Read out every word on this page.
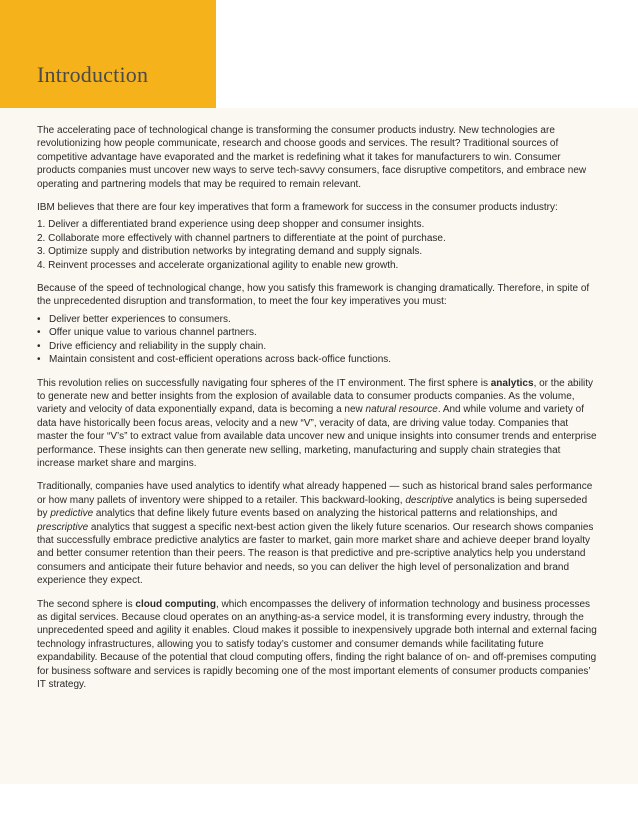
Introduction

The accelerating pace of technological change is transforming the consumer products industry. New technologies are revolutionizing how people communicate, research and choose goods and services. The result? Traditional sources of competitive advantage have evaporated and the market is redefining what it takes for manufacturers to win. Consumer products companies must uncover new ways to serve tech-savvy consumers, face disruptive competitors, and embrace new operating and partnering models that may be required to remain relevant.

IBM believes that there are four key imperatives that form a framework for success in the consumer products industry:

1. Deliver a differentiated brand experience using deep shopper and consumer insights.
2. Collaborate more effectively with channel partners to differentiate at the point of purchase.
3. Optimize supply and distribution networks by integrating demand and supply signals.
4. Reinvent processes and accelerate organizational agility to enable new growth.

Because of the speed of technological change, how you satisfy this framework is changing dramatically. Therefore, in spite of the unprecedented disruption and transformation, to meet the four key imperatives you must:

• Deliver better experiences to consumers.
• Offer unique value to various channel partners.
• Drive efficiency and reliability in the supply chain.
• Maintain consistent and cost-efficient operations across back-office functions.

This revolution relies on successfully navigating four spheres of the IT environment. The first sphere is analytics, or the ability to generate new and better insights from the explosion of available data to consumer products companies. As the volume, variety and velocity of data exponentially expand, data is becoming a new natural resource. And while volume and variety of data have historically been focus areas, velocity and a new “V”, veracity of data, are driving value today. Companies that master the four “V’s” to extract value from available data uncover new and unique insights into consumer trends and enterprise performance. These insights can then generate new selling, marketing, manufacturing and supply chain strategies that increase market share and margins.

Traditionally, companies have used analytics to identify what already happened — such as historical brand sales performance or how many pallets of inventory were shipped to a retailer. This backward-looking, descriptive analytics is being superseded by predictive analytics that define likely future events based on analyzing the historical patterns and relationships, and prescriptive analytics that suggest a specific next-best action given the likely future scenarios. Our research shows companies that successfully embrace predictive analytics are faster to market, gain more market share and achieve deeper brand loyalty and better consumer retention than their peers. The reason is that predictive and pre-scriptive analytics help you understand consumers and anticipate their future behavior and needs, so you can deliver the high level of personalization and brand experience they expect.

The second sphere is cloud computing, which encompasses the delivery of information technology and business processes as digital services. Because cloud operates on an anything-as-a service model, it is transforming every industry, through the unprecedented speed and agility it enables. Cloud makes it possible to inexpensively upgrade both internal and external facing technology infrastructures, allowing you to satisfy today’s customer and consumer demands while facilitating future expandability. Because of the potential that cloud computing offers, finding the right balance of on- and off-premises computing for business software and services is rapidly becoming one of the most important elements of consumer products companies’ IT strategy.
